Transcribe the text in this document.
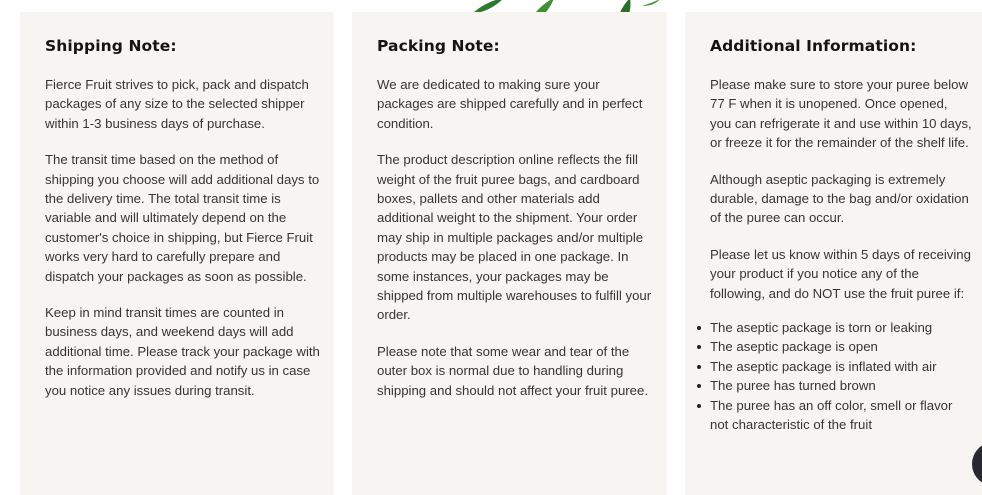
Shipping Note:

Fierce Fruit strives to pick, pack and dispatch packages of any size to the selected shipper within 1-3 business days of purchase.

The transit time based on the method of shipping you choose will add additional days to the delivery time. The total transit time is variable and will ultimately depend on the customer's choice in shipping, but Fierce Fruit works very hard to carefully prepare and dispatch your packages as soon as possible.

Keep in mind transit times are counted in business days, and weekend days will add additional time. Please track your package with the information provided and notify us in case you notice any issues during transit.

Packing Note:

We are dedicated to making sure your packages are shipped carefully and in perfect condition.

The product description online reflects the fill weight of the fruit puree bags, and cardboard boxes, pallets and other materials add additional weight to the shipment. Your order may ship in multiple packages and/or multiple products may be placed in one package. In some instances, your packages may be shipped from multiple warehouses to fulfill your order.

Please note that some wear and tear of the outer box is normal due to handling during shipping and should not affect your fruit puree.

Additional Information:

Please make sure to store your puree below 77 F when it is unopened. Once opened, you can refrigerate it and use within 10 days, or freeze it for the remainder of the shelf life.

Although aseptic packaging is extremely durable, damage to the bag and/or oxidation of the puree can occur.

Please let us know within 5 days of receiving your product if you notice any of the following, and do NOT use the fruit puree if:

The aseptic package is torn or leaking
The aseptic package is open
The aseptic package is inflated with air
The puree has turned brown
The puree has an off color, smell or flavor not characteristic of the fruit
